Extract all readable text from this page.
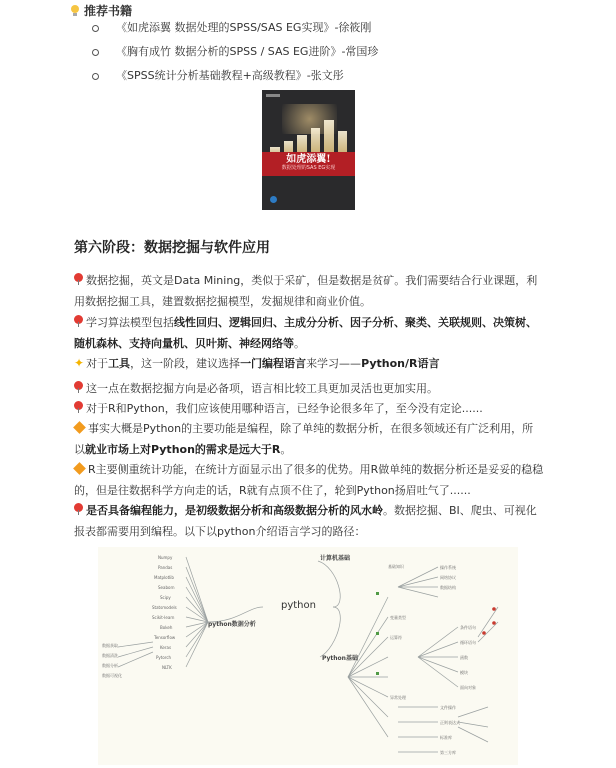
推荐书籍
《如虎添翼 数据处理的SPSS/SAS EG实现》-徐筱刚
《胸有成竹 数据分析的SPSS / SAS EG进阶》-常国珍
《SPSS统计分析基础教程+高级教程》-张文彤
如虎添翼!
数据处理的SAS EG实现
第六阶段：数据挖掘与软件应用
数据挖掘，英文是Data Mining，类似于采矿，但是数据是贫矿。我们需要结合行业课题，利用数据挖掘工具，建置数据挖掘模型，发掘规律和商业价值。
学习算法模型包括线性回归、逻辑回归、主成分分析、因子分析、聚类、关联规则、决策树、随机森林、支持向量机、贝叶斯、神经网络等。
✦ 对于工具，这一阶段，建议选择一门编程语言来学习——Python/R语言
这一点在数据挖掘方向是必备项，语言相比较工具更加灵活也更加实用。
对于R和Python，我们应该使用哪种语言，已经争论很多年了，至今没有定论......
事实大概是Python的主要功能是编程，除了单纯的数据分析，在很多领域还有广泛利用，所以就业市场上对Python的需求是远大于R。
R主要侧重统计功能，在统计方面显示出了很多的优势。用R做单纯的数据分析还是妥妥的稳稳的，但是往数据科学方向走的话，R就有点顶不住了，轮到Python扬眉吐气了......
是否具备编程能力，是初级数据分析和高级数据分析的风水岭。数据挖掘、BI、爬虫、可视化报表都需要用到编程。以下以python介绍语言学习的路径：
python
python数据分析
计算机基础
Python基础
Numpy
Pandas
Matplotlib
Seaborn
Scipy
Statsmodels
Scikit-learn
Bokeh
Tensorflow
Keras
Pytorch
NLTK
数据获取
数据清洗
数据分析
数据可视化
基础知识	操作系统
网络协议
数据结构
变量类型
运算符
条件语句
循环语句
函数
模块
面向对象
异常处理
文件操作
正则表达式
标准库
第三方库
